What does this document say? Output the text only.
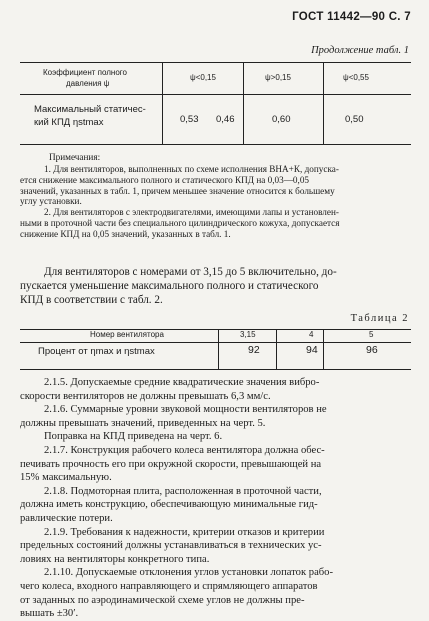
ГОСТ 11442—90 С. 7
Продолжение табл. 1
Коэффициент полного
давления ψ
ψ<0,15	ψ>0,15	ψ<0,55
Максимальный статичес-
кий КПД ηstmax	0,53 0,46	0,60	0,50
Примечания:
1. Для вентиляторов, выполненных по схеме исполнения ВНА+К, допуска-
ется снижение максимального полного и статического КПД на 0,03—0,05
значений, указанных в табл. 1, причем меньшее значение относится к большему
углу установки.
2. Для вентиляторов с электродвигателями, имеющими лапы и установлен-
ными в проточной части без специального цилиндрического кожуха, допускается
снижение КПД на 0,05 значений, указанных в табл. 1.
Для вентиляторов с номерами от 3,15 до 5 включительно, до-
пускается уменьшение максимального полного и статического
КПД в соответствии с табл. 2.
Таблица 2
Номер вентилятора	3,15	4	5
Процент от ηmax и ηstmax	92	94	96
2.1.5. Допускаемые средние квадратические значения вибро-
скорости вентиляторов не должны превышать 6,3 мм/с.
2.1.6. Суммарные уровни звуковой мощности вентиляторов не
должны превышать значений, приведенных на черт. 5.
Поправка на КПД приведена на черт. 6.
2.1.7. Конструкция рабочего колеса вентилятора должна обес-
печивать прочность его при окружной скорости, превышающей на
15% максимальную.
2.1.8. Подмоторная плита, расположенная в проточной части,
должна иметь конструкцию, обеспечивающую минимальные гид-
равлические потери.
2.1.9. Требования к надежности, критерии отказов и критерии
предельных состояний должны устанавливаться в технических ус-
ловиях на вентиляторы конкретного типа.
2.1.10. Допускаемые отклонения углов установки лопаток рабо-
чего колеса, входного направляющего и спрямляющего аппаратов
от заданных по аэродинамической схеме углов не должны пре-
вышать ±30′.
